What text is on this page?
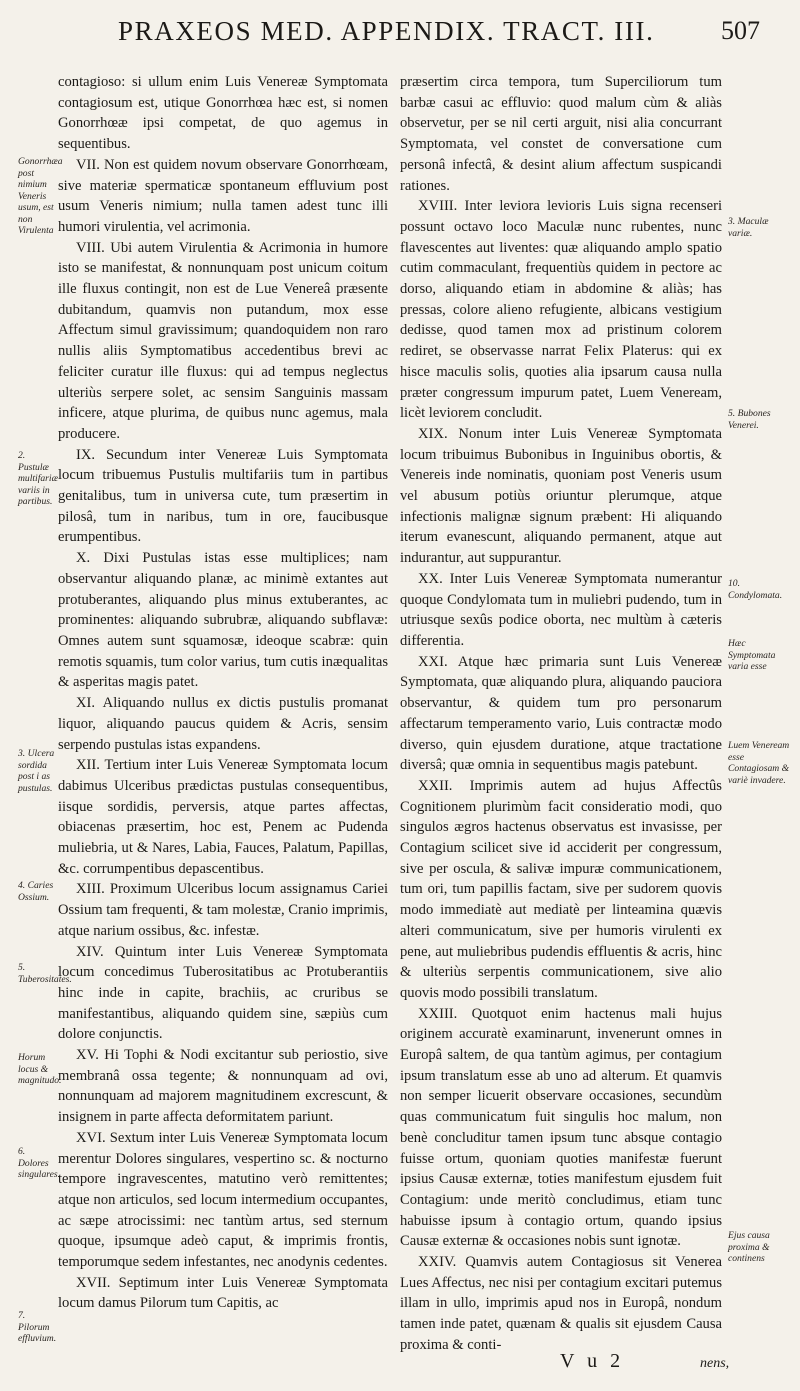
PRAXEOS MED. APPENDIX. TRACT. III.	507
Gonorrhæa post nimium Veneris usum, est non Virulenta
2. Pustulæ multifariæ variis in partibus.
3. Ulcera sordida post i as pustulas.
4. Caries Ossium.
5. Tuberositates.
Horum locus & magnitudo.
6. Dolores singulares.
7. Pilorum effluvium.
3. Maculæ variæ.
5. Bubones Venerei.
10. Condylomata.
Hæc Symptomata varia esse
Luem Veneream esse Contagiosam & variè invadere.
Ejus causa proxima & continens

contagioso: si ullum enim Luis Venereæ Symptomata contagiosum est, utique Gonorrhœa hæc est, si nomen Gonorrhœæ ipsi competat, de quo agemus in sequentibus.

VII. Non est quidem novum observare Gonorrhœam, sive materiæ spermaticæ spontaneum effluvium post usum Veneris nimium; nulla tamen adest tunc illi humori virulentia, vel acrimonia.

VIII. Ubi autem Virulentia & Acrimonia in humore isto se manifestat, & nonnunquam post unicum coitum ille fluxus contingit, non est de Lue Venereâ præsente dubitandum, quamvis non putandum, mox esse Affectum simul gravissimum; quandoquidem non raro nullis aliis Symptomatibus accedentibus brevi ac feliciter curatur ille fluxus: qui ad tempus neglectus ulteriùs serpere solet, ac sensim Sanguinis massam inficere, atque plurima, de quibus nunc agemus, mala producere.

IX. Secundum inter Venereæ Luis Symptomata locum tribuemus Pustulis multifariis tum in partibus genitalibus, tum in universa cute, tum præsertim in pilosâ, tum in naribus, tum in ore, faucibusque erumpentibus.

X. Dixi Pustulas istas esse multiplices; nam observantur aliquando planæ, ac minimè extantes aut protuberantes, aliquando plus minus extuberantes, ac prominentes: aliquando subrubræ, aliquando subflavæ: Omnes autem sunt squamosæ, ideoque scabræ: quin remotis squamis, tum color varius, tum cutis inæqualitas & asperitas magis patet.

XI. Aliquando nullus ex dictis pustulis promanat liquor, aliquando paucus quidem & Acris, sensim serpendo pustulas istas expandens.

XII. Tertium inter Luis Venereæ Symptomata locum dabimus Ulceribus prædictas pustulas consequentibus, iisque sordidis, perversis, atque partes affectas, obiacenas præsertim, hoc est, Penem ac Pudenda muliebria, ut & Nares, Labia, Fauces, Palatum, Papillas, &c. corrumpentibus depascentibus.

XIII. Proximum Ulceribus locum assignamus Cariei Ossium tam frequenti, & tam molestæ, Cranio imprimis, atque narium ossibus, &c. infestæ.

XIV. Quintum inter Luis Venereæ Symptomata locum concedimus Tuberositatibus ac Protuberantiis hinc inde in capite, brachiis, ac cruribus se manifestantibus, aliquando quidem sine, sæpiùs cum dolore conjunctis.

XV. Hi Tophi & Nodi excitantur sub periostio, sive membranâ ossa tegente; & nonnunquam ad ovi, nonnunquam ad majorem magnitudinem excrescunt, & insignem in parte affecta deformitatem pariunt.

XVI. Sextum inter Luis Venereæ Symptomata locum merentur Dolores singulares, vespertino sc. & nocturno tempore ingravescentes, matutino verò remittentes; atque non articulos, sed locum intermedium occupantes, ac sæpe atrocissimi: nec tantùm artus, sed sternum quoque, ipsumque adeò caput, & imprimis frontis, temporumque sedem infestantes, nec anodynis cedentes.

XVII. Septimum inter Luis Venereæ Symptomata locum damus Pilorum tum Capitis, ac

præsertim circa tempora, tum Superciliorum tum barbæ casui ac effluvio: quod malum cùm & aliàs observetur, per se nil certi arguit, nisi alia concurrant Symptomata, vel constet de conversatione cum personâ infectâ, & desint alium affectum suspicandi rationes.

XVIII. Inter leviora levioris Luis signa recenseri possunt octavo loco Maculæ nunc rubentes, nunc flavescentes aut liventes: quæ aliquando amplo spatio cutim commaculant, frequentiùs quidem in pectore ac dorso, aliquando etiam in abdomine & aliàs; has pressas, colore alieno refugiente, albicans vestigium dedisse, quod tamen mox ad pristinum colorem rediret, se observasse narrat Felix Platerus: qui ex hisce maculis solis, quoties alia ipsarum causa nulla præter congressum impurum patet, Luem Veneream, licèt leviorem concludit.

XIX. Nonum inter Luis Venereæ Symptomata locum tribuimus Bubonibus in Inguinibus obortis, & Venereis inde nominatis, quoniam post Veneris usum vel abusum potiùs oriuntur plerumque, atque infectionis malignæ signum præbent: Hi aliquando iterum evanescunt, aliquando permanent, atque aut indurantur, aut suppurantur.

XX. Inter Luis Venereæ Symptomata numerantur quoque Condylomata tum in muliebri pudendo, tum in utriusque sexûs podice oborta, nec multùm à cæteris differentia.

XXI. Atque hæc primaria sunt Luis Venereæ Symptomata, quæ aliquando plura, aliquando pauciora observantur, & quidem tum pro personarum affectarum temperamento vario, Luis contractæ modo diverso, quin ejusdem duratione, atque tractatione diversâ; quæ omnia in sequentibus magis patebunt.

XXII. Imprimis autem ad hujus Affectûs Cognitionem plurimùm facit consideratio modi, quo singulos ægros hactenus observatus est invasisse, per Contagium scilicet sive id acciderit per congressum, sive per oscula, & salivæ impuræ communicationem, tum ori, tum papillis factam, sive per sudorem quovis modo immediatè aut mediatè per linteamina quævis alteri communicatum, sive per humoris virulenti ex pene, aut muliebribus pudendis effluentis & acris, hinc & ulteriùs serpentis communicationem, sive alio quovis modo possibili translatum.

XXIII. Quotquot enim hactenus mali hujus originem accuratè examinarunt, invenerunt omnes in Europâ saltem, de qua tantùm agimus, per contagium ipsum translatum esse ab uno ad alterum. Et quamvis non semper licuerit observare occasiones, secundùm quas communicatum fuit singulis hoc malum, non benè concluditur tamen ipsum tunc absque contagio fuisse ortum, quoniam quoties manifestæ fuerunt ipsius Causæ externæ, toties manifestum ejusdem fuit Contagium: unde meritò concludimus, etiam tunc habuisse ipsum à contagio ortum, quando ipsius Causæ externæ & occasiones nobis sunt ignotæ.

XXIV. Quamvis autem Contagiosus sit Venerea Lues Affectus, nec nisi per contagium excitari putemus illam in ullo, imprimis apud nos in Europâ, nondum tamen inde patet, quænam & qualis sit ejusdem Causa proxima & conti-

V u 2	nens,
